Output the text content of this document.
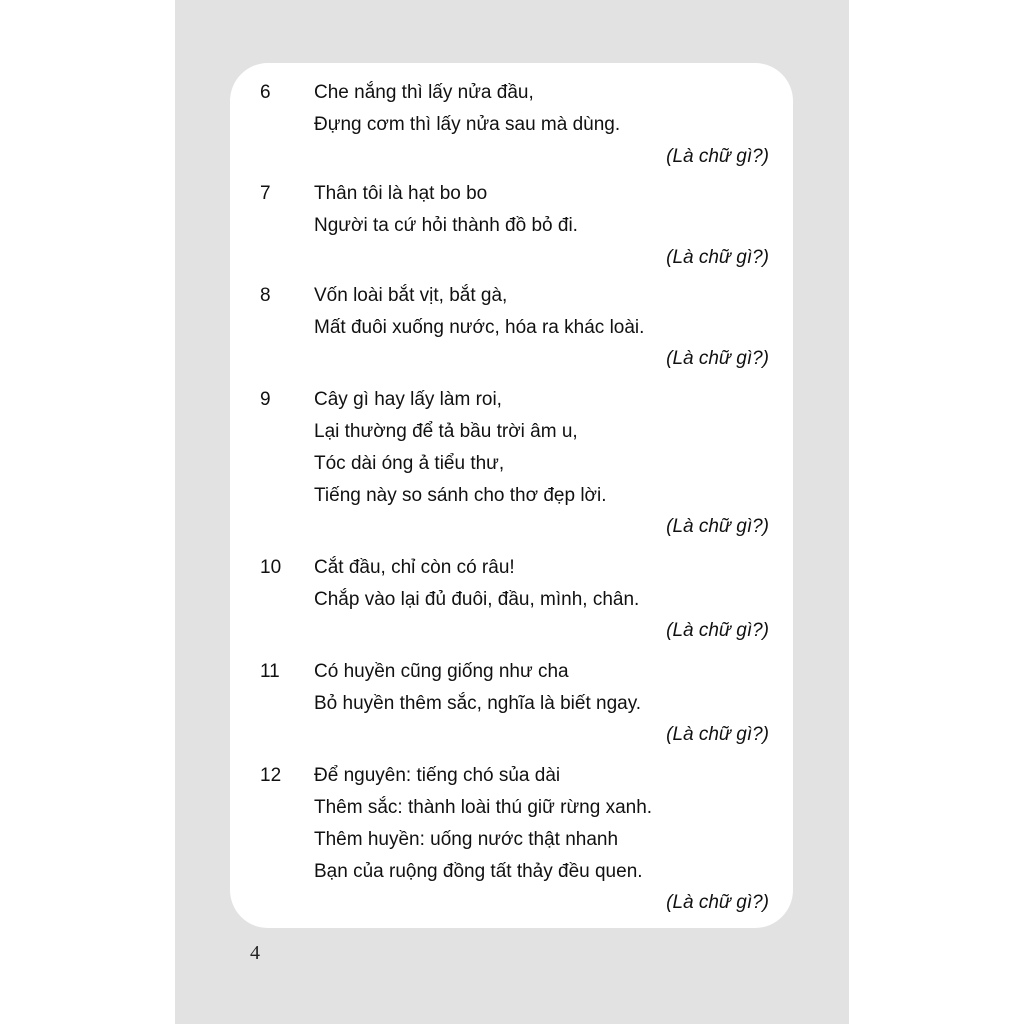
6 Che nắng thì lấy nửa đầu,
Đựng cơm thì lấy nửa sau mà dùng.
(Là chữ gì?)
7 Thân tôi là hạt bo bo
Người ta cứ hỏi thành đồ bỏ đi.
(Là chữ gì?)
8 Vốn loài bắt vịt, bắt gà,
Mất đuôi xuống nước, hóa ra khác loài.
(Là chữ gì?)
9 Cây gì hay lấy làm roi,
Lại thường để tả bầu trời âm u,
Tóc dài óng ả tiểu thư,
Tiếng này so sánh cho thơ đẹp lời.
(Là chữ gì?)
10 Cắt đầu, chỉ còn có râu!
Chắp vào lại đủ đuôi, đầu, mình, chân.
(Là chữ gì?)
11 Có huyền cũng giống như cha
Bỏ huyền thêm sắc, nghĩa là biết ngay.
(Là chữ gì?)
12 Để nguyên: tiếng chó sủa dài
Thêm sắc: thành loài thú giữ rừng xanh.
Thêm huyền: uống nước thật nhanh
Bạn của ruộng đồng tất thảy đều quen.
(Là chữ gì?)
4
